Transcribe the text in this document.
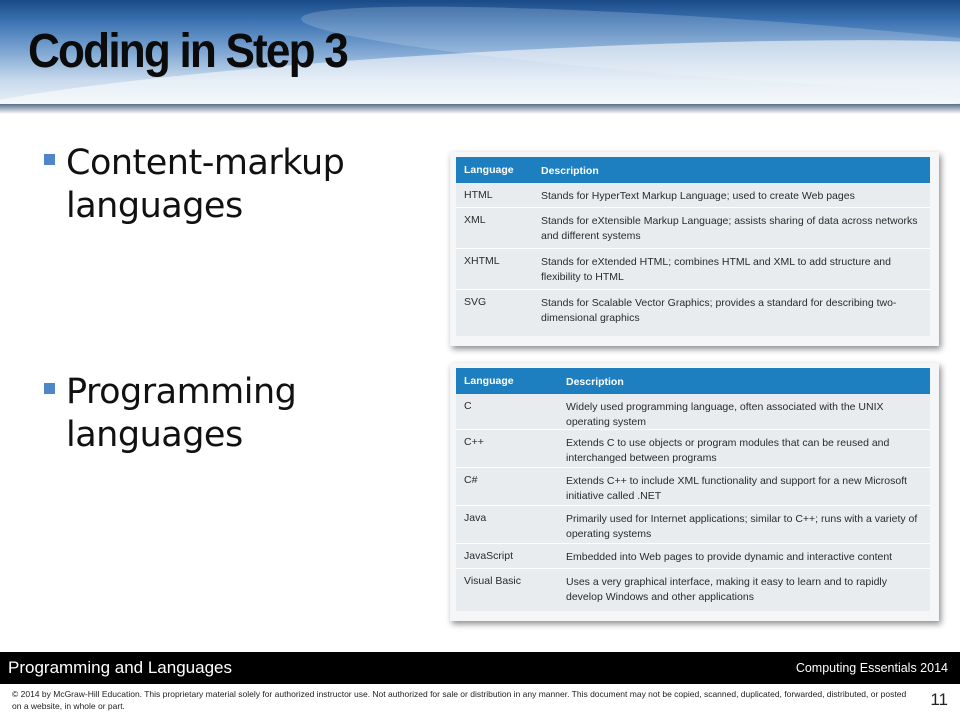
Coding in Step 3
Content-markup languages
Programming languages
Language	Description
HTML	Stands for HyperText Markup Language; used to create Web pages
XML	Stands for eXtensible Markup Language; assists sharing of data across networks and different systems
XHTML	Stands for eXtended HTML; combines HTML and XML to add structure and flexibility to HTML
SVG	Stands for Scalable Vector Graphics; provides a standard for describing two-dimensional graphics
Language	Description
C	Widely used programming language, often associated with the UNIX operating system
C++	Extends C to use objects or program modules that can be reused and interchanged between programs
C#	Extends C++ to include XML functionality and support for a new Microsoft initiative called .NET
Java	Primarily used for Internet applications; similar to C++; runs with a variety of operating systems
JavaScript	Embedded into Web pages to provide dynamic and interactive content
Visual Basic	Uses a very graphical interface, making it easy to learn and to rapidly develop Windows and other applications
Programming and Languages	Computing Essentials 2014
© 2014 by McGraw-Hill Education. This proprietary material solely for authorized instructor use. Not authorized for sale or distribution in any manner. This document may not be copied, scanned, duplicated, forwarded, distributed, or posted on a website, in whole or part.	11
